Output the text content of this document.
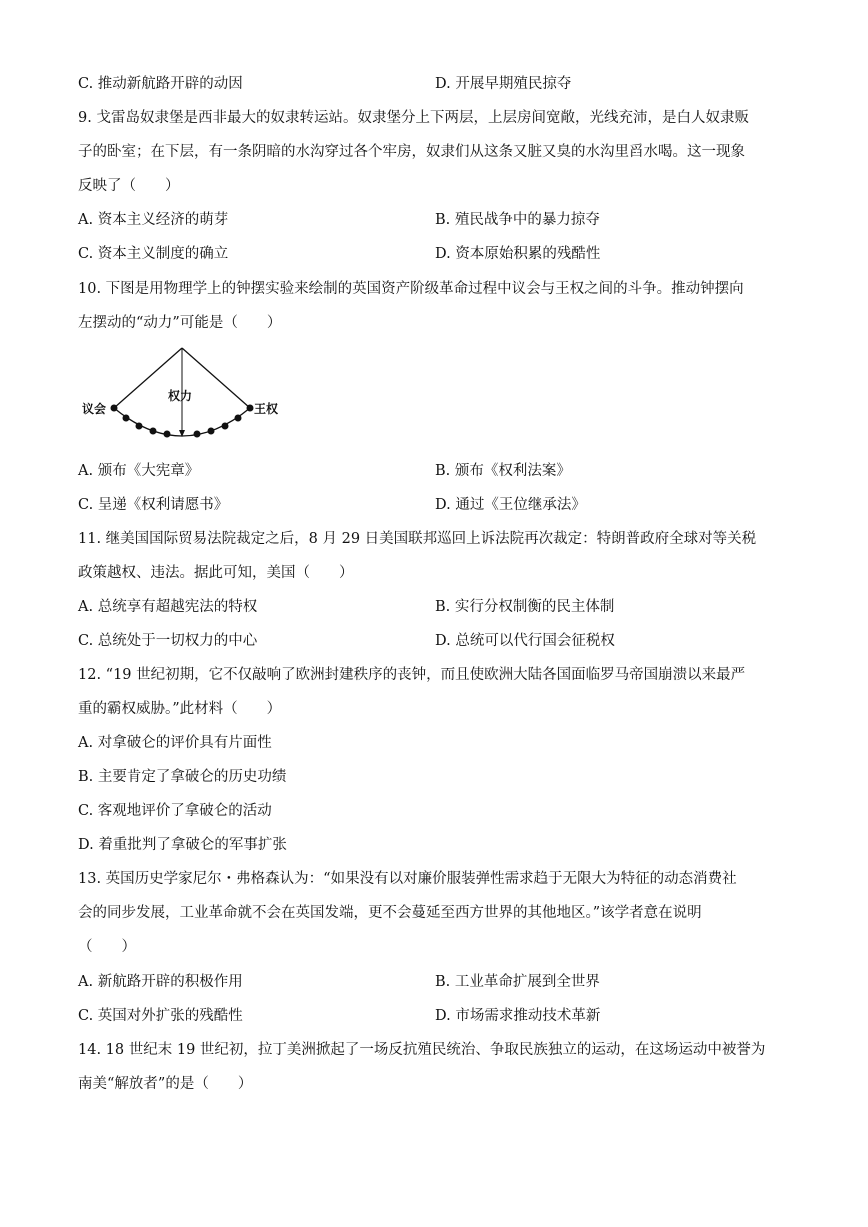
C. 推动新航路开辟的动因	D. 开展早期殖民掠夺
9. 戈雷岛奴隶堡是西非最大的奴隶转运站。奴隶堡分上下两层，上层房间宽敞，光线充沛，是白人奴隶贩
子的卧室；在下层，有一条阴暗的水沟穿过各个牢房，奴隶们从这条又脏又臭的水沟里舀水喝。这一现象
反映了（　　）
A. 资本主义经济的萌芽	B. 殖民战争中的暴力掠夺
C. 资本主义制度的确立	D. 资本原始积累的残酷性
10. 下图是用物理学上的钟摆实验来绘制的英国资产阶级革命过程中议会与王权之间的斗争。推动钟摆向
左摆动的“动力”可能是（　　）
议会
权力
王权
A. 颁布《大宪章》	B. 颁布《权利法案》
C. 呈递《权利请愿书》	D. 通过《王位继承法》
11. 继美国国际贸易法院裁定之后，8 月 29 日美国联邦巡回上诉法院再次裁定：特朗普政府全球对等关税
政策越权、违法。据此可知，美国（　　）
A. 总统享有超越宪法的特权	B. 实行分权制衡的民主体制
C. 总统处于一切权力的中心	D. 总统可以代行国会征税权
12. “19 世纪初期，它不仅敲响了欧洲封建秩序的丧钟，而且使欧洲大陆各国面临罗马帝国崩溃以来最严
重的霸权威胁。”此材料（　　）
A. 对拿破仑的评价具有片面性
B. 主要肯定了拿破仑的历史功绩
C. 客观地评价了拿破仑的活动
D. 着重批判了拿破仑的军事扩张
13. 英国历史学家尼尔・弗格森认为：“如果没有以对廉价服装弹性需求趋于无限大为特征的动态消费社
会的同步发展，工业革命就不会在英国发端，更不会蔓延至西方世界的其他地区。”该学者意在说明
（　　）
A. 新航路开辟的积极作用	B. 工业革命扩展到全世界
C. 英国对外扩张的残酷性	D. 市场需求推动技术革新
14. 18 世纪末 19 世纪初，拉丁美洲掀起了一场反抗殖民统治、争取民族独立的运动，在这场运动中被誉为
南美“解放者”的是（　　）
